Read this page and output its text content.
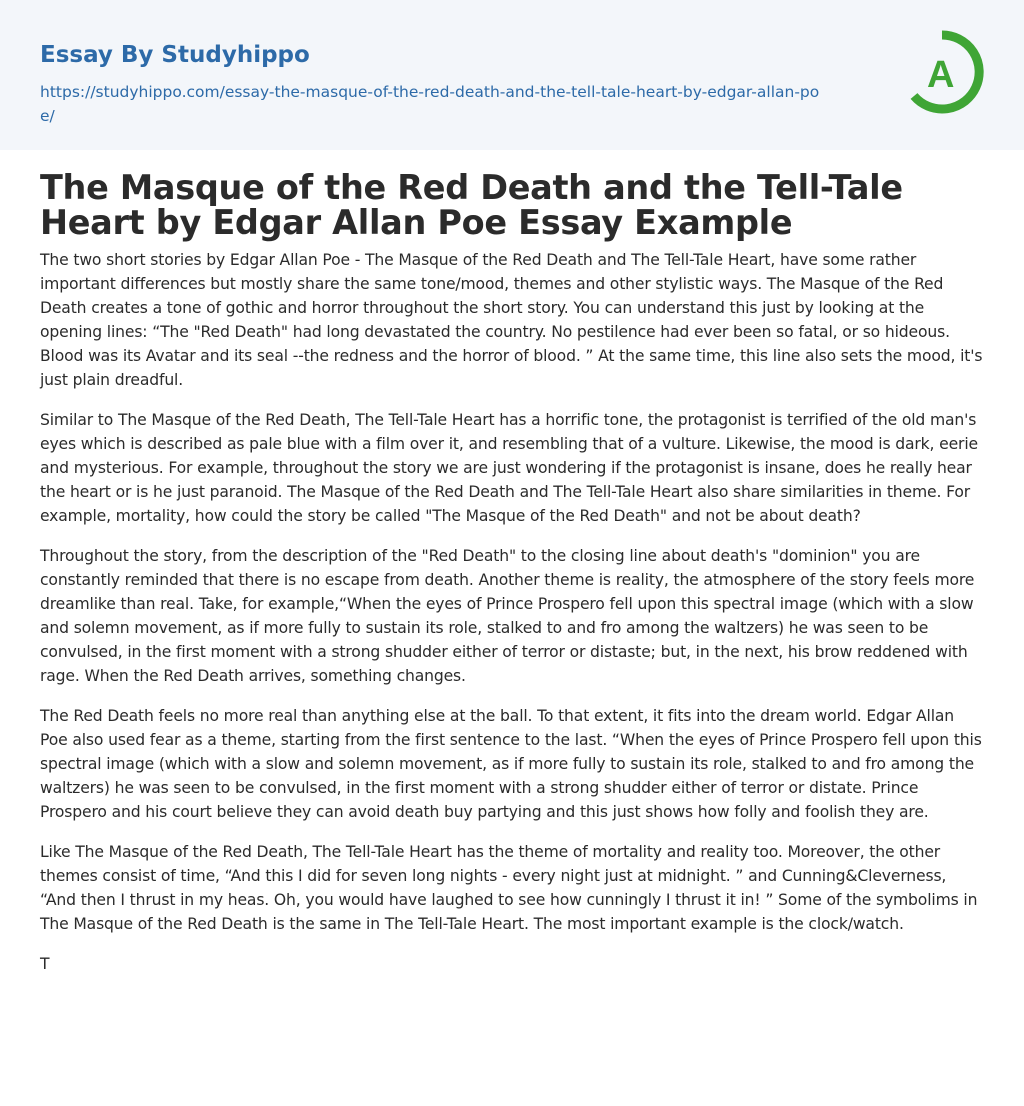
Essay By Studyhippo
https://studyhippo.com/essay-the-masque-of-the-red-death-and-the-tell-tale-heart-by-edgar-allan-poe/
A
The Masque of the Red Death and the Tell-Tale Heart by Edgar Allan Poe Essay Example

The two short stories by Edgar Allan Poe - The Masque of the Red Death and The Tell-Tale Heart, have some rather important differences but mostly share the same tone/mood, themes and other stylistic ways. The Masque of the Red Death creates a tone of gothic and horror throughout the short story. You can understand this just by looking at the opening lines: “The "Red Death" had long devastated the country. No pestilence had ever been so fatal, or so hideous. Blood was its Avatar and its seal --the redness and the horror of blood. ” At the same time, this line also sets the mood, it's just plain dreadful.

Similar to The Masque of the Red Death, The Tell-Tale Heart has a horrific tone, the protagonist is terrified of the old man's eyes which is described as pale blue with a film over it, and resembling that of a vulture. Likewise, the mood is dark, eerie and mysterious. For example, throughout the story we are just wondering if the protagonist is insane, does he really hear the heart or is he just paranoid. The Masque of the Red Death and The Tell-Tale Heart also share similarities in theme. For example, mortality, how could the story be called "The Masque of the Red Death" and not be about death?

Throughout the story, from the description of the "Red Death" to the closing line about death's "dominion" you are constantly reminded that there is no escape from death. Another theme is reality, the atmosphere of the story feels more dreamlike than real. Take, for example,“When the eyes of Prince Prospero fell upon this spectral image (which with a slow and solemn movement, as if more fully to sustain its role, stalked to and fro among the waltzers) he was seen to be convulsed, in the first moment with a strong shudder either of terror or distaste; but, in the next, his brow reddened with rage. When the Red Death arrives, something changes.

The Red Death feels no more real than anything else at the ball. To that extent, it fits into the dream world. Edgar Allan Poe also used fear as a theme, starting from the first sentence to the last. “When the eyes of Prince Prospero fell upon this spectral image (which with a slow and solemn movement, as if more fully to sustain its role, stalked to and fro among the waltzers) he was seen to be convulsed, in the first moment with a strong shudder either of terror or distate. Prince Prospero and his court believe they can avoid death buy partying and this just shows how folly and foolish they are.

Like The Masque of the Red Death, The Tell-Tale Heart has the theme of mortality and reality too. Moreover, the other themes consist of time, “And this I did for seven long nights - every night just at midnight. ” and Cunning&Cleverness, “And then I thrust in my heas. Oh, you would have laughed to see how cunningly I thrust it in! ” Some of the symbolims in The Masque of the Red Death is the same in The Tell-Tale Heart. The most important example is the clock/watch.

T
